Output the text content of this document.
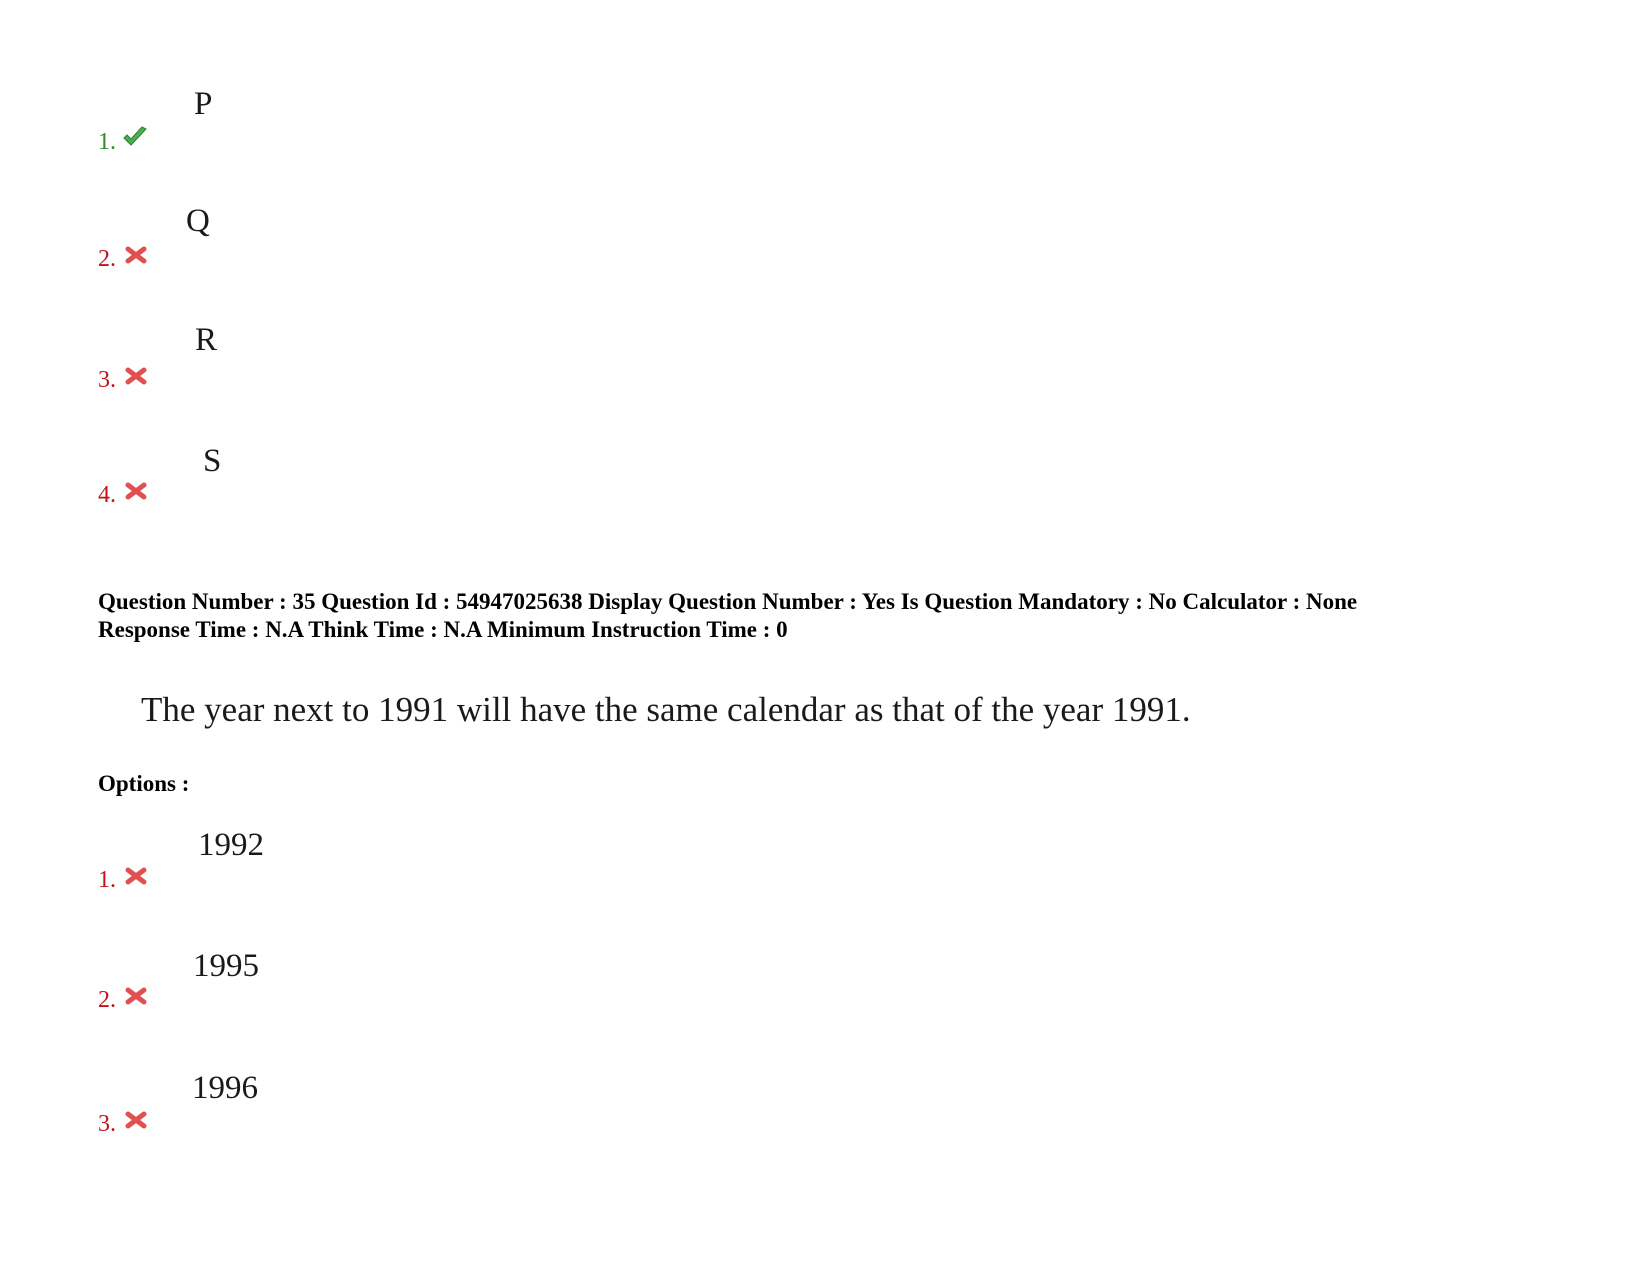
1.
P
2.
Q
3.
R
4.
S
Question Number : 35 Question Id : 54947025638 Display Question Number : Yes Is Question Mandatory : No Calculator : None
Response Time : N.A Think Time : N.A Minimum Instruction Time : 0
The year next to 1991 will have the same calendar as that of the year 1991.
Options :
1.
1992
2.
1995
3.
1996
